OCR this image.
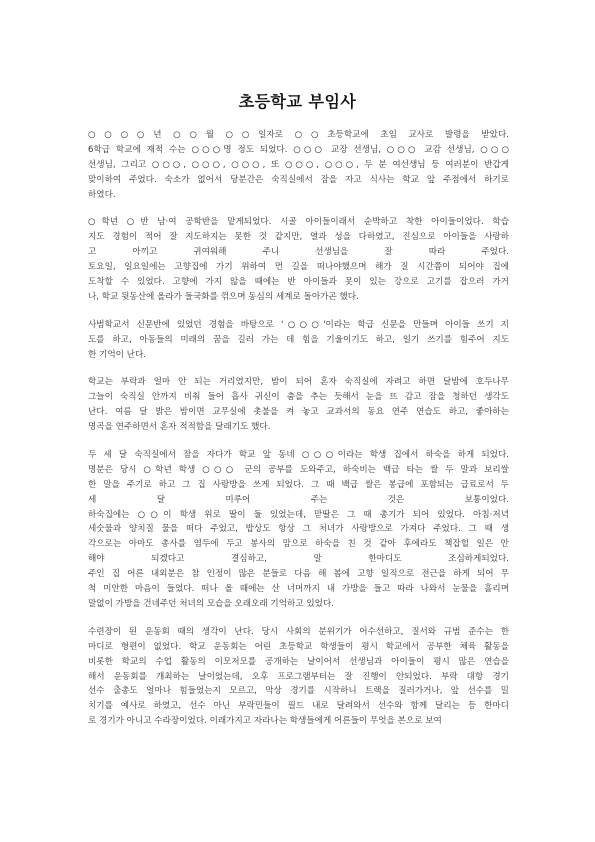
초등학교 부임사
○○○○년 ○○월 ○○일자로 ○○초등학교에 초임 교사로 발령을 받았다.
6학급 학교에 재적 수는 ○○○명 정도 되었다. ○○○ 교장 선생님, ○○○ 교감 선생님, ○○○
선생님, 그리고 ○○○, ○○○, ○○○, 또 ○○○, ○○○, 두 분 여선생님 등 여러분이 반갑게
맞이하여 주었다. 숙소가 없어서 당분간은 숙직실에서 잠을 자고 식사는 학교 앞 주점에서 하기로
하였다.
○학년 ○반 남·여 공학반을 맡게되었다. 시골 아이들이래서 순박하고 착한 아이들이었다. 학습
지도 경험이 적어 잘 지도하지는 못한 것 같지만, 열과 성을 다하였고, 진심으로 아이들을 사랑하
고 아끼고 귀여워해 주니 선생님을 잘 따라 주었다.
토요일, 일요일에는 고향집에 가기 위하여 먼 길을 떠나야했으며 해가 질 시간쯤이 되어야 집에
도착할 수 있었다. 고향에 가지 않을 때에는 반 아이들과 못이 있는 강으로 고기를 잡으러 가거
나, 학교 뒷동산에 올라가 들국화를 꺾으며 동심의 세계로 돌아가곤 했다.
사범학교서 신문반에 있었던 경험을 바탕으로 '○○○'이라는 학급 신문을 만들며 아이들 쓰기 지
도를 하고, 아동들의 미래의 꿈을 길러 가는 데 힘을 기울이기도 하고, 일기 쓰기를 힘주어 지도
한 기억이 난다.
학교는 부락과 얼마 안 되는 거리였지만, 밤이 되어 혼자 숙직실에 자려고 하면 달밤에 호두나무
그늘이 숙직실 안까지 비춰 들어 흡사 귀신이 춤을 추는 듯해서 눈을 뜨 감고 잠을 청하던 생각도
난다. 여름 달 밝은 밤이면 교무실에 촛불을 켜 놓고 교과서의 동요 연주 연습도 하고, 좋아하는
명곡을 연주하면서 혼자 적적함을 달래기도 했다.
두 세 달 숙직실에서 잠을 자다가 학교 앞 동네 ○○○이라는 학생 집에서 하숙을 하게 되었다.
명분은 당시 ○학년 학생 ○○○ 군의 공부를 도와주고, 하숙비는 백급 타는 쌀 두 말과 보리쌀
한 말을 주기로 하고 그 집 사랑방을 쓰게 되었다. 그 때 백급 쌀은 봉급에 포함되는 급료로서 두
세 달 미루어 주는 것은 보통이었다.
하숙집에는 ○○이 학생 위로 딸이 둘 있었는데, 맏딸은 그 때 총기가 되어 있었다. 아침·저녁
세숫물과 양치질 물을 떠다 주었고, 밥상도 항상 그 처녀가 사랑방으로 가져다 주었다. 그 때 생
각으로는 아마도 총사를 염두에 두고 봉사의 맘으로 하숙을 친 것 같아 후에라도 책잡힐 일은 안
해야 되겠다고 결심하고, 말 한마디도 조심하게되었다.
주인 집 어른 내외분은 참 인정이 많은 분들로 다음 해 봄에 고향 일직으로 전근을 하게 되어 무
척 미안한 마음이 들었다. 떠나 올 때에는 산 너머까지 내 가방을 들고 따라 나와서 눈물을 흘리며
말없이 가방을 건네주던 처녀의 모습을 오래오래 기억하고 있었다.
수련장이 된 운동회 때의 생각이 난다. 당시 사회의 분위기가 어수선하고, 질서와 규범 준수는 한
마디로 형편이 없었다. 학교 운동회는 어린 초등학교 학생들이 평시 학교에서 공부한 체육 활동을
비롯한 학교의 수업 활동의 이모저모를 공개하는 날이어서 선생님과 아이들이 평시 많은 연습을
해서 운동회를 개최하는 날이었는데, 오후 프로그램부터는 잘 진행이 안되었다. 부락 대항 경기
선수 출총도 얼마나 힘들었는지 모르고, 막상 경기를 시작하니 트랙을 질러가거나, 앞 선수를 밀
치기를 예사로 하였고, 선수 아닌 부락민들이 필드 내로 달려와서 선수와 함께 달리는 등 한마디
로 경기가 아니고 수라장이었다. 이래가지고 자라나는 학생들에게 어른들이 무엇을 본으로 보여
